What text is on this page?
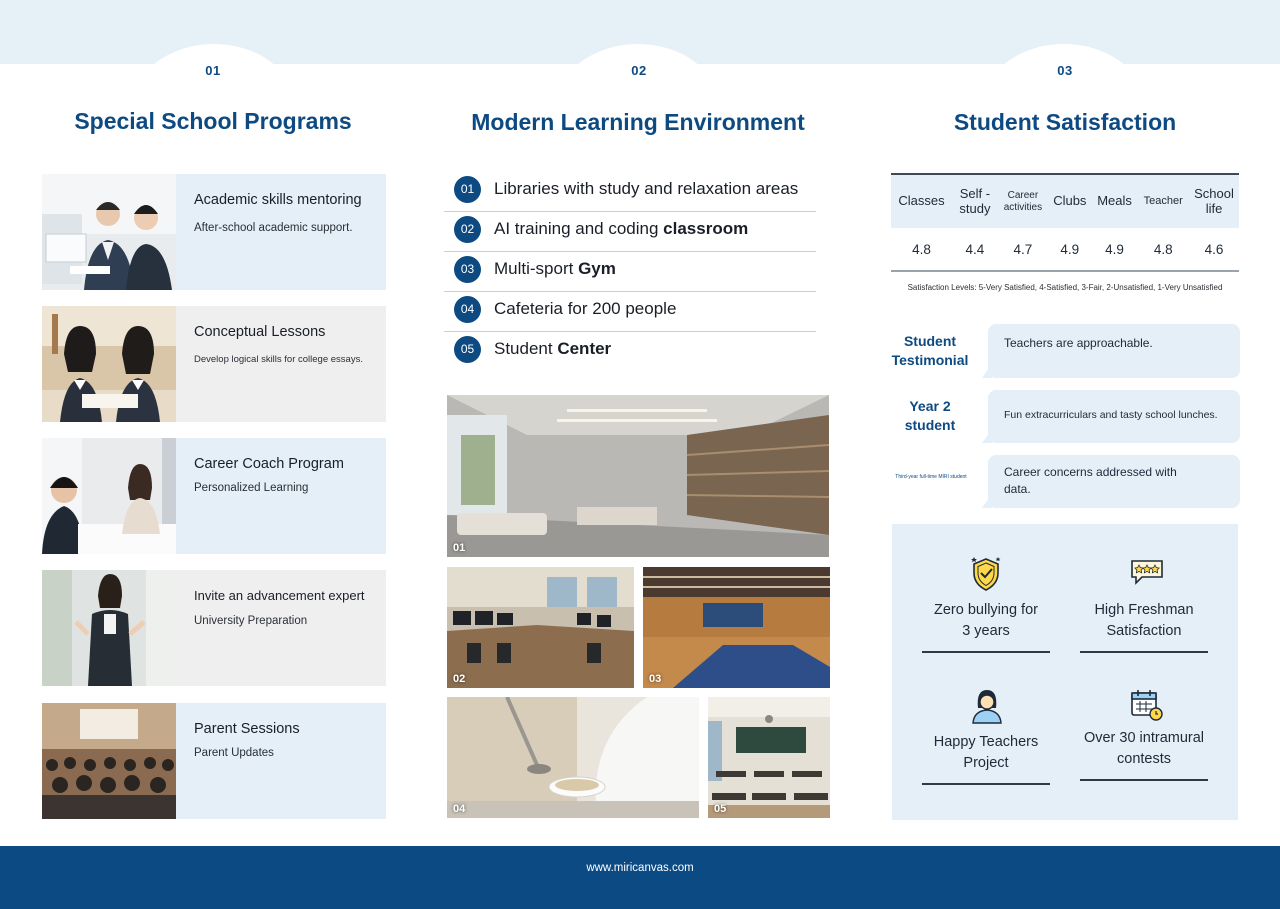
01
Special School Programs
02
Modern Learning Environment
03
Student Satisfaction
Academic skills mentoring
After-school academic support.
Conceptual Lessons
Develop logical skills for college essays.
Career Coach Program
Personalized Learning
Invite an advancement expert
University Preparation
Parent Sessions
Parent Updates
01	Libraries with study and relaxation areas
02	AI training and coding classroom
03	Multi-sport Gym
04	Cafeteria for 200 people
05	Student Center
01
02	03
04	05
Classes	Self -study	Career activities	Clubs	Meals	Teacher	School life
4.8	4.4	4.7	4.9	4.9	4.8	4.6
Satisfaction Levels: 5-Very Satisfied, 4-Satisfied, 3-Fair, 2-Unsatisfied, 1-Very Unsatisfied
Student Testimonial
Teachers are approachable.
Year 2 student
Fun extracurriculars and tasty school lunches.
Third-year full-time MIRI student	Career concerns addressed with data.
Zero bullying for 3 years
High Freshman Satisfaction
Happy Teachers Project
Over 30 intramural contests
www.miricanvas.com
